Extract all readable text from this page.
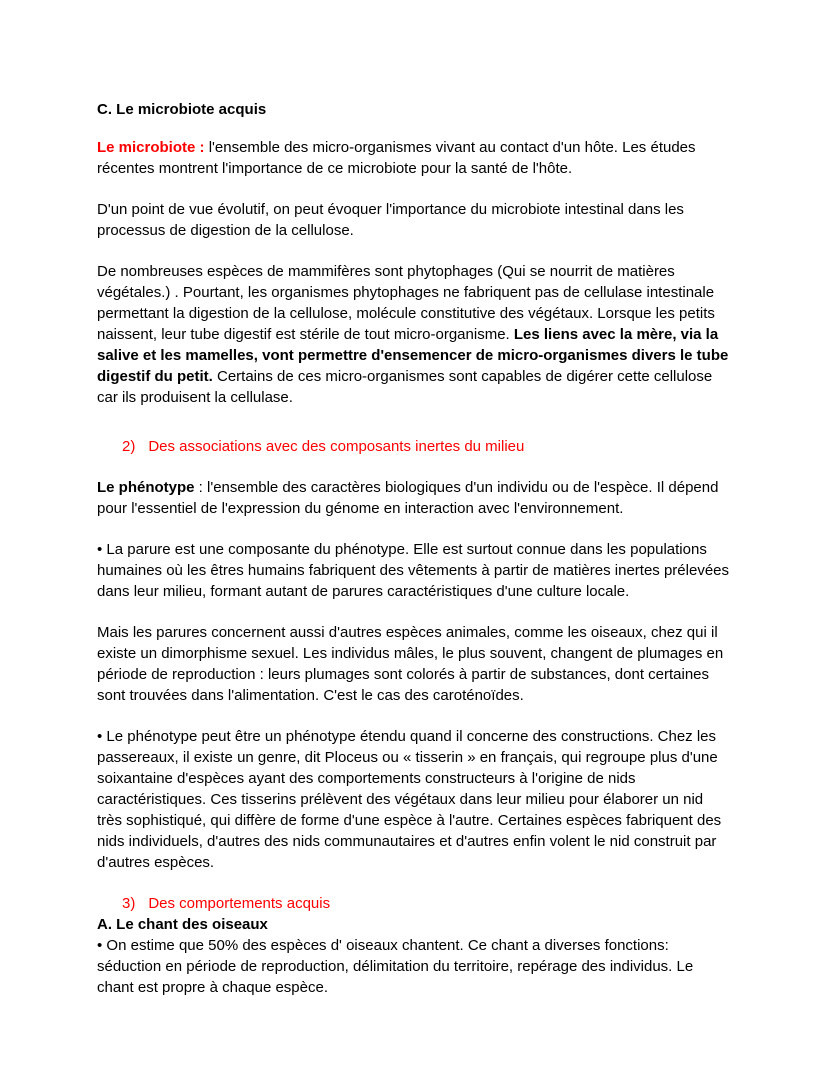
C. Le microbiote acquis

Le microbiote : l'ensemble des micro-organismes vivant au contact d'un hôte. Les études récentes montrent l'importance de ce microbiote pour la santé de l'hôte.

D'un point de vue évolutif, on peut évoquer l'importance du microbiote intestinal dans les processus de digestion de la cellulose.

De nombreuses espèces de mammifères sont phytophages (Qui se nourrit de matières végétales.) . Pourtant, les organismes phytophages ne fabriquent pas de cellulase intestinale permettant la digestion de la cellulose, molécule constitutive des végétaux. Lorsque les petits naissent, leur tube digestif est stérile de tout micro-organisme. Les liens avec la mère, via la salive et les mamelles, vont permettre d'ensemencer de micro-organismes divers le tube digestif du petit. Certains de ces micro-organismes sont capables de digérer cette cellulose car ils produisent la cellulase.

2) Des associations avec des composants inertes du milieu

Le phénotype : l'ensemble des caractères biologiques d'un individu ou de l'espèce. Il dépend pour l'essentiel de l'expression du génome en interaction avec l'environnement.

• La parure est une composante du phénotype. Elle est surtout connue dans les populations humaines où les êtres humains fabriquent des vêtements à partir de matières inertes prélevées dans leur milieu, formant autant de parures caractéristiques d'une culture locale.

Mais les parures concernent aussi d'autres espèces animales, comme les oiseaux, chez qui il existe un dimorphisme sexuel. Les individus mâles, le plus souvent, changent de plumages en période de reproduction : leurs plumages sont colorés à partir de substances, dont certaines sont trouvées dans l'alimentation. C'est le cas des caroténoïdes.

• Le phénotype peut être un phénotype étendu quand il concerne des constructions. Chez les passereaux, il existe un genre, dit Ploceus ou « tisserin » en français, qui regroupe plus d'une soixantaine d'espèces ayant des comportements constructeurs à l'origine de nids caractéristiques. Ces tisserins prélèvent des végétaux dans leur milieu pour élaborer un nid très sophistiqué, qui diffère de forme d'une espèce à l'autre. Certaines espèces fabriquent des nids individuels, d'autres des nids communautaires et d'autres enfin volent le nid construit par d'autres espèces.

3) Des comportements acquis
A. Le chant des oiseaux

• On estime que 50% des espèces d' oiseaux chantent. Ce chant a diverses fonctions: séduction en période de reproduction, délimitation du territoire, repérage des individus. Le chant est propre à chaque espèce.
